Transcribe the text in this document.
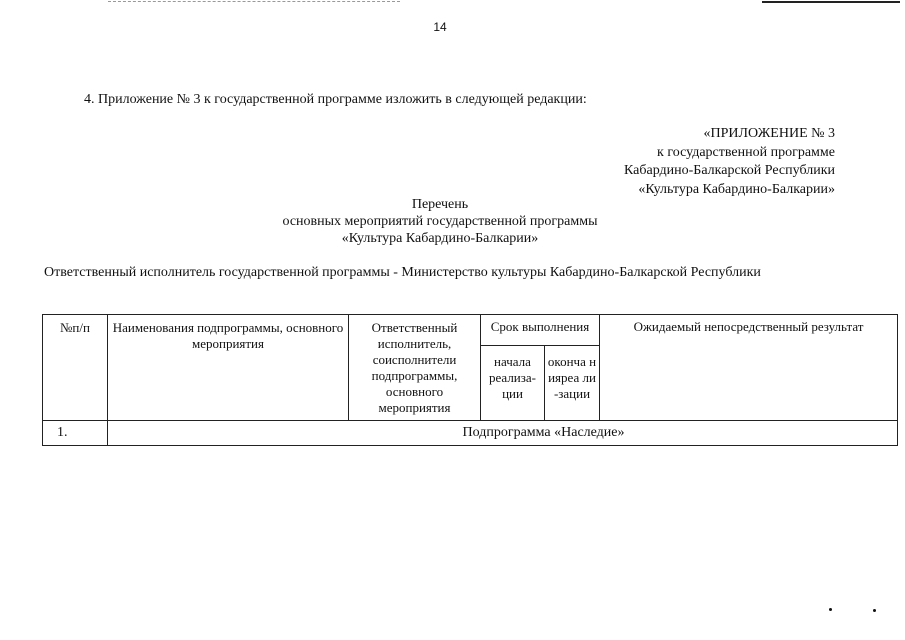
14
4. Приложение № 3 к государственной программе изложить в следующей редакции:
«ПРИЛОЖЕНИЕ № 3
к государственной программе
Кабардино-Балкарской Республики
«Культура Кабардино-Балкарии»
Перечень
основных мероприятий государственной программы
«Культура Кабардино-Балкарии»
Ответственный исполнитель государственной программы - Министерство культуры Кабардино-Балкарской Республики
№п/п	Наименования подпрограммы, основного мероприятия	Ответственный исполнитель, соисполнители подпрограммы, основного мероприятия	Срок выполнения		Ожидаемый непосредственный результат
			начала реализа-ции	оконча нияреа ли-зации	
1.	Подпрограмма «Наследие»				
